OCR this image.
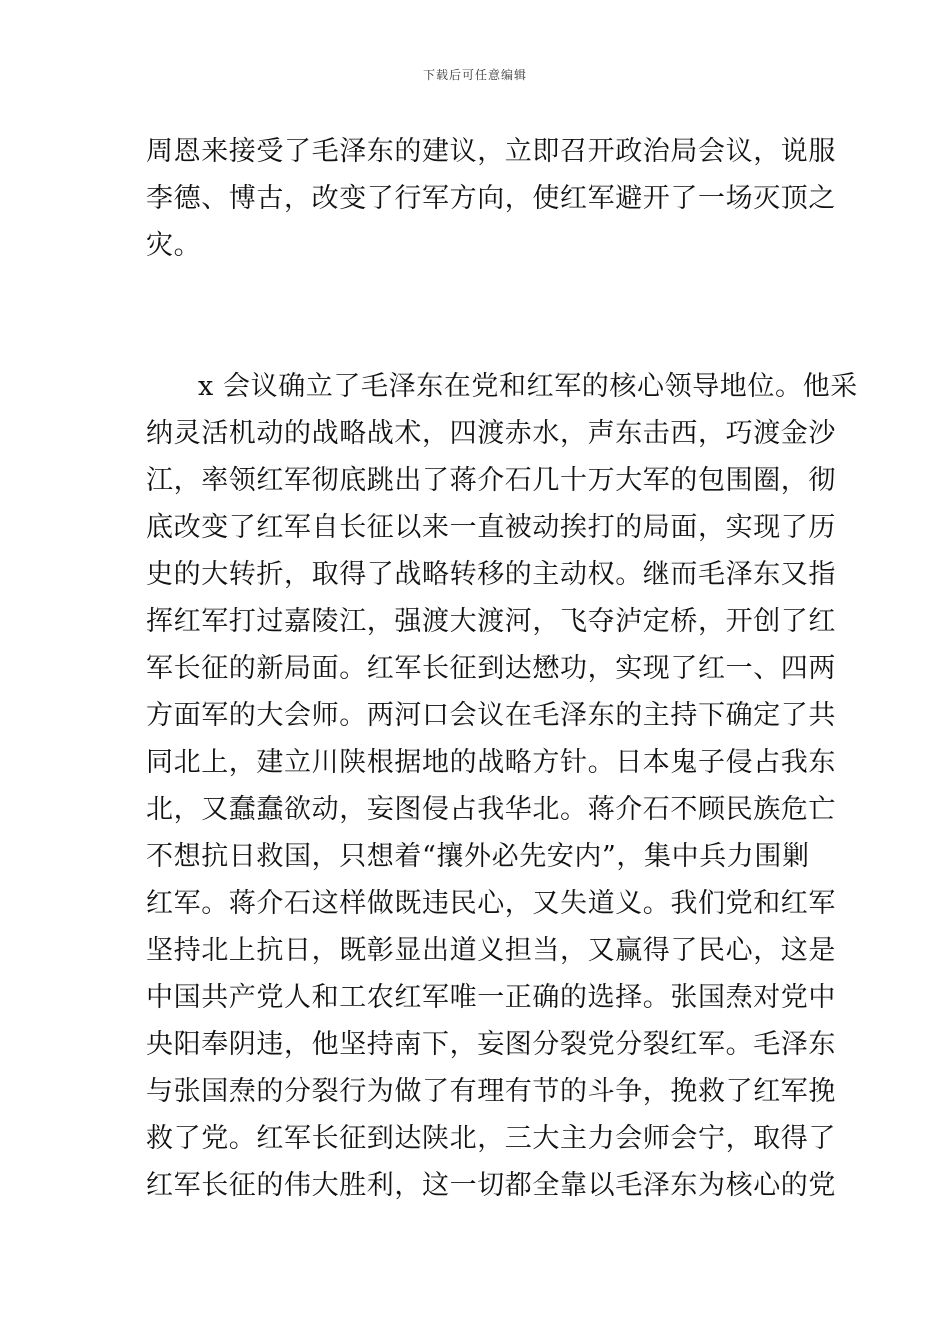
下载后可任意编辑
周恩来接受了毛泽东的建议，立即召开政治局会议，说服
李德、博古，改变了行军方向，使红军避开了一场灭顶之
灾。
x 会议确立了毛泽东在党和红军的核心领导地位。他采
纳灵活机动的战略战术，四渡赤水，声东击西，巧渡金沙
江，率领红军彻底跳出了蒋介石几十万大军的包围圈，彻
底改变了红军自长征以来一直被动挨打的局面，实现了历
史的大转折，取得了战略转移的主动权。继而毛泽东又指
挥红军打过嘉陵江，强渡大渡河，飞夺泸定桥，开创了红
军长征的新局面。红军长征到达懋功，实现了红一、四两
方面军的大会师。两河口会议在毛泽东的主持下确定了共
同北上，建立川陕根据地的战略方针。日本鬼子侵占我东
北，又蠢蠢欲动，妄图侵占我华北。蒋介石不顾民族危亡
不想抗日救国，只想着“攘外必先安内”，集中兵力围剿
红军。蒋介石这样做既违民心，又失道义。我们党和红军
坚持北上抗日，既彰显出道义担当，又赢得了民心，这是
中国共产党人和工农红军唯一正确的选择。张国焘对党中
央阳奉阴违，他坚持南下，妄图分裂党分裂红军。毛泽东
与张国焘的分裂行为做了有理有节的斗争，挽救了红军挽
救了党。红军长征到达陕北，三大主力会师会宁，取得了
红军长征的伟大胜利，这一切都全靠以毛泽东为核心的党
